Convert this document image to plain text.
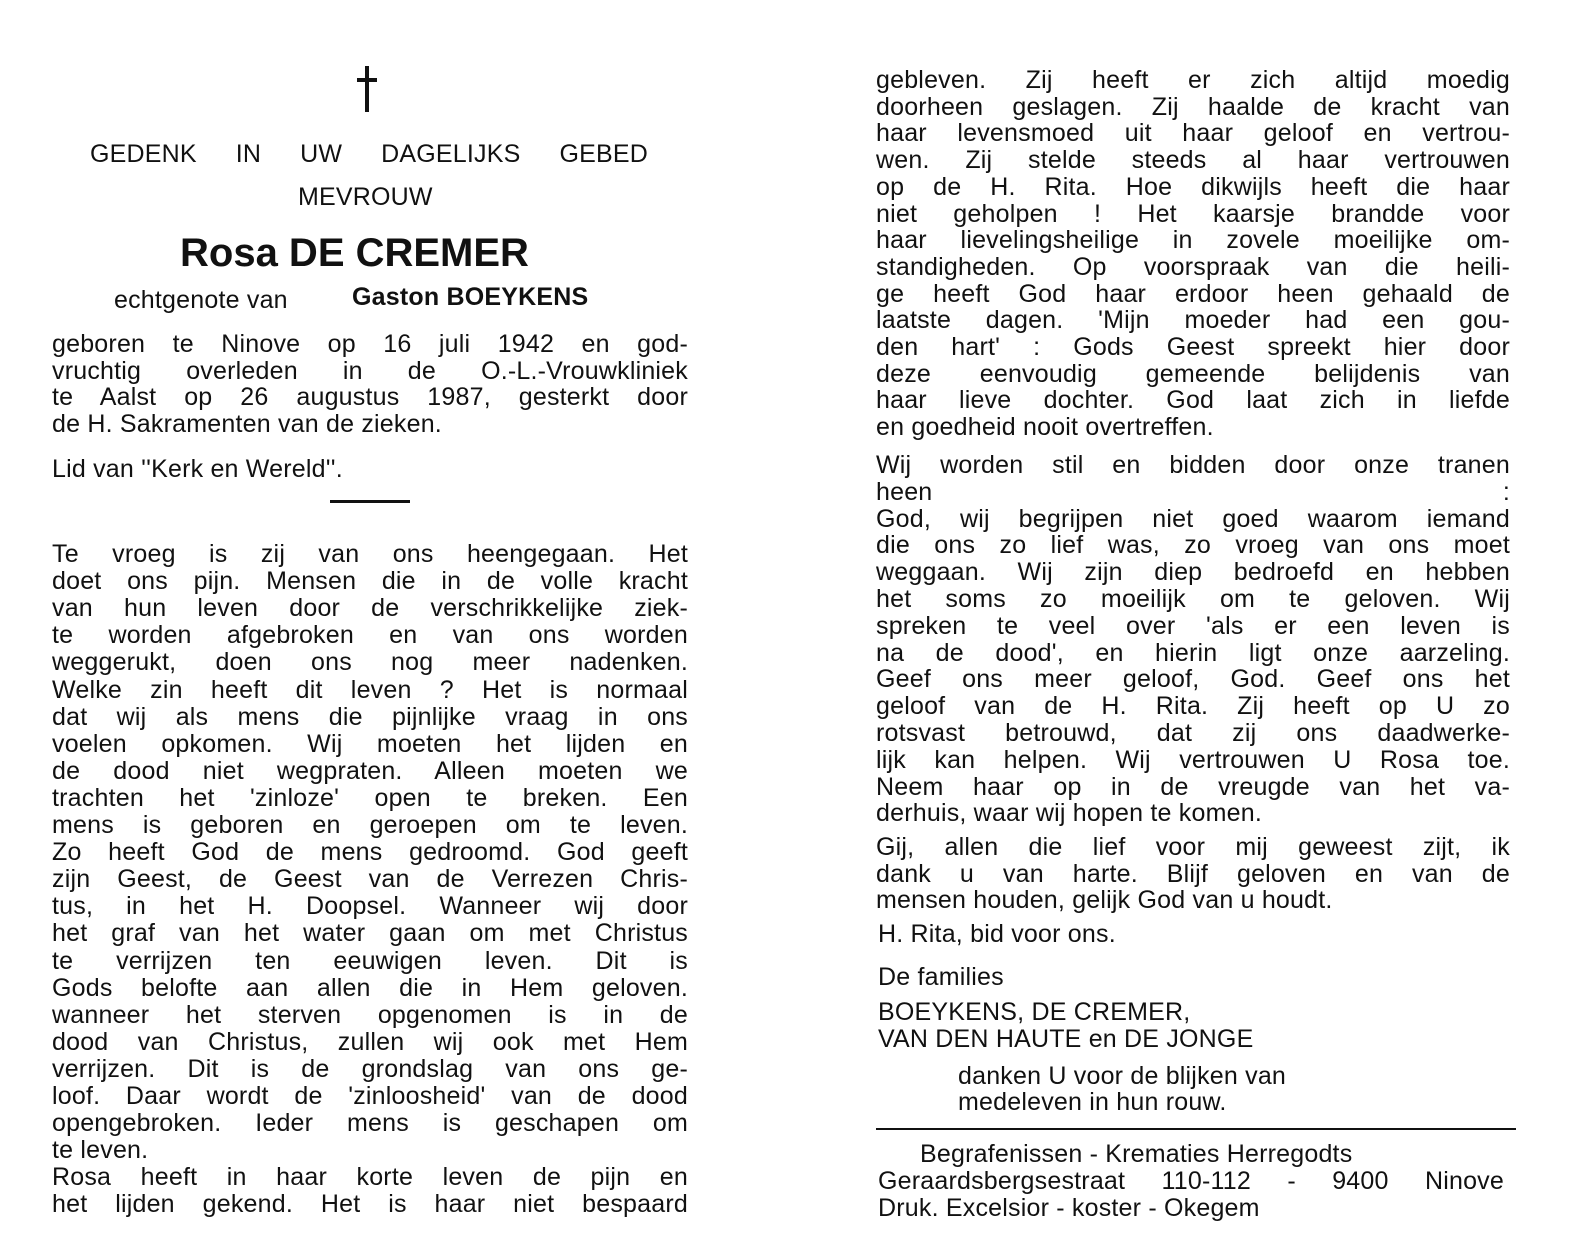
GEDENK IN UW DAGELIJKS GEBED
MEVROUW
Rosa DE CREMER
echtgenote van	Gaston BOEYKENS
geboren te Ninove op 16 juli 1942 en god-
vruchtig overleden in de O.-L.-Vrouwkliniek
te Aalst op 26 augustus 1987, gesterkt door
de H. Sakramenten van de zieken.
Lid van ''Kerk en Wereld''.
Te vroeg is zij van ons heengegaan. Het
doet ons pijn. Mensen die in de volle kracht
van hun leven door de verschrikkelijke ziek-
te worden afgebroken en van ons worden
weggerukt, doen ons nog meer nadenken.
Welke zin heeft dit leven ? Het is normaal
dat wij als mens die pijnlijke vraag in ons
voelen opkomen. Wij moeten het lijden en
de dood niet wegpraten. Alleen moeten we
trachten het 'zinloze' open te breken. Een
mens is geboren en geroepen om te leven.
Zo heeft God de mens gedroomd. God geeft
zijn Geest, de Geest van de Verrezen Chris-
tus, in het H. Doopsel. Wanneer wij door
het graf van het water gaan om met Christus
te verrijzen ten eeuwigen leven. Dit is
Gods belofte aan allen die in Hem geloven.
wanneer het sterven opgenomen is in de
dood van Christus, zullen wij ook met Hem
verrijzen. Dit is de grondslag van ons ge-
loof. Daar wordt de 'zinloosheid' van de dood
opengebroken. Ieder mens is geschapen om
te leven.
Rosa heeft in haar korte leven de pijn en
het lijden gekend. Het is haar niet bespaard
gebleven. Zij heeft er zich altijd moedig
doorheen geslagen. Zij haalde de kracht van
haar levensmoed uit haar geloof en vertrou-
wen. Zij stelde steeds al haar vertrouwen
op de H. Rita. Hoe dikwijls heeft die haar
niet geholpen ! Het kaarsje brandde voor
haar lievelingsheilige in zovele moeilijke om-
standigheden. Op voorspraak van die heili-
ge heeft God haar erdoor heen gehaald de
laatste dagen. 'Mijn moeder had een gou-
den hart' : Gods Geest spreekt hier door
deze eenvoudig gemeende belijdenis van
haar lieve dochter. God laat zich in liefde
en goedheid nooit overtreffen.
Wij worden stil en bidden door onze tranen
heen :
God, wij begrijpen niet goed waarom iemand
die ons zo lief was, zo vroeg van ons moet
weggaan. Wij zijn diep bedroefd en hebben
het soms zo moeilijk om te geloven. Wij
spreken te veel over 'als er een leven is
na de dood', en hierin ligt onze aarzeling.
Geef ons meer geloof, God. Geef ons het
geloof van de H. Rita. Zij heeft op U zo
rotsvast betrouwd, dat zij ons daadwerke-
lijk kan helpen. Wij vertrouwen U Rosa toe.
Neem haar op in de vreugde van het va-
derhuis, waar wij hopen te komen.
Gij, allen die lief voor mij geweest zijt, ik
dank u van harte. Blijf geloven en van de
mensen houden, gelijk God van u houdt.
H. Rita, bid voor ons.
De families
BOEYKENS, DE CREMER,
VAN DEN HAUTE en DE JONGE
danken U voor de blijken van
medeleven in hun rouw.
Begrafenissen - Krematies Herregodts
Geraardsbergsestraat 110-112 - 9400 Ninove
Druk. Excelsior - koster - Okegem
